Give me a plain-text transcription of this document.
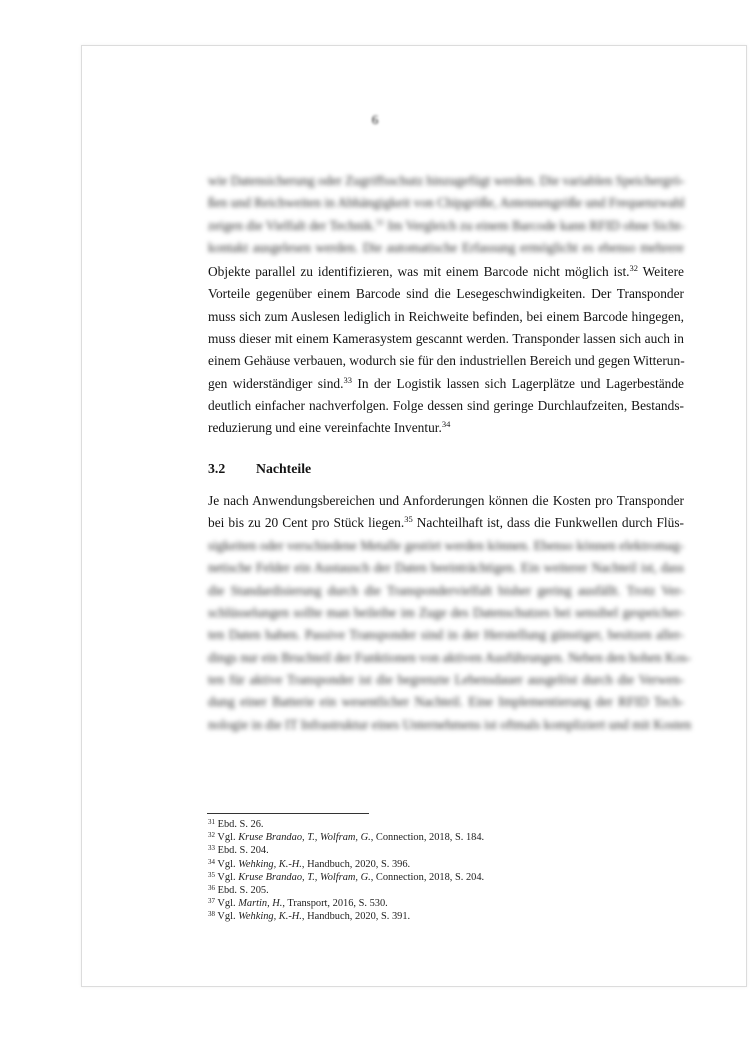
6

wie Datensicherung oder Zugriffsschutz hinzugefügt werden. Die variablen Speichergrö-
ßen und Reichweiten in Abhängigkeit von Chipgröße, Antennengröße und Frequenzwahl
zeigen die Vielfalt der Technik.$^{31}$ Im Vergleich zu einem Barcode kann RFID ohne Sicht-
kontakt ausgelesen werden. Die automatische Erfassung ermöglicht es ebenso mehrere

Objekte parallel zu identifizieren, was mit einem Barcode nicht möglich ist.$^{32}$ Weitere
Vorteile gegenüber einem Barcode sind die Lesegeschwindigkeiten. Der Transponder
muss sich zum Auslesen lediglich in Reichweite befinden, bei einem Barcode hingegen,
muss dieser mit einem Kamerasystem gescannt werden. Transponder lassen sich auch in
einem Gehäuse verbauen, wodurch sie für den industriellen Bereich und gegen Witterun-
gen widerständiger sind.$^{33}$ In der Logistik lassen sich Lagerplätze und Lagerbestände
deutlich einfacher nachverfolgen. Folge dessen sind geringe Durchlaufzeiten, Bestands-
reduzierung und eine vereinfachte Inventur.$^{34}$

3.2 Nachteile

Je nach Anwendungsbereichen und Anforderungen können die Kosten pro Transponder
bei bis zu 20 Cent pro Stück liegen.$^{35}$ Nachteilhaft ist, dass die Funkwellen durch Flüs-

sigkeiten oder verschiedene Metalle gestört werden können. Ebenso können elektromag-
netische Felder ein Austausch der Daten beeinträchtigen. Ein weiterer Nachteil ist, dass
die Standardisierung durch die Transpondervielfalt bisher gering ausfällt. Trotz Ver-
schlüsselungen sollte man beileibe im Zuge des Datenschutzes bei sensibel gespeicher-
ten Daten haben. Passive Transponder sind in der Herstellung günstiger, besitzen aller-
dings nur ein Bruchteil der Funktionen von aktiven Ausführungen. Neben den hohen Kos-
ten für aktive Transponder ist die begrenzte Lebensdauer ausgelöst durch die Verwen-
dung einer Batterie ein wesentlicher Nachteil. Eine Implementierung der RFID Tech-
nologie in die IT Infrastruktur eines Unternehmens ist oftmals kompliziert und mit Kosten

$^{31}$ Ebd. S. 26.
$^{32}$ Vgl. Kruse Brandao, T., Wolfram, G., Connection, 2018, S. 184.
$^{33}$ Ebd. S. 204.
$^{34}$ Vgl. Wehking, K.-H., Handbuch, 2020, S. 396.
$^{35}$ Vgl. Kruse Brandao, T., Wolfram, G., Connection, 2018, S. 204.
$^{36}$ Ebd. S. 205.
$^{37}$ Vgl. Martin, H., Transport, 2016, S. 530.
$^{38}$ Vgl. Wehking, K.-H., Handbuch, 2020, S. 391.
